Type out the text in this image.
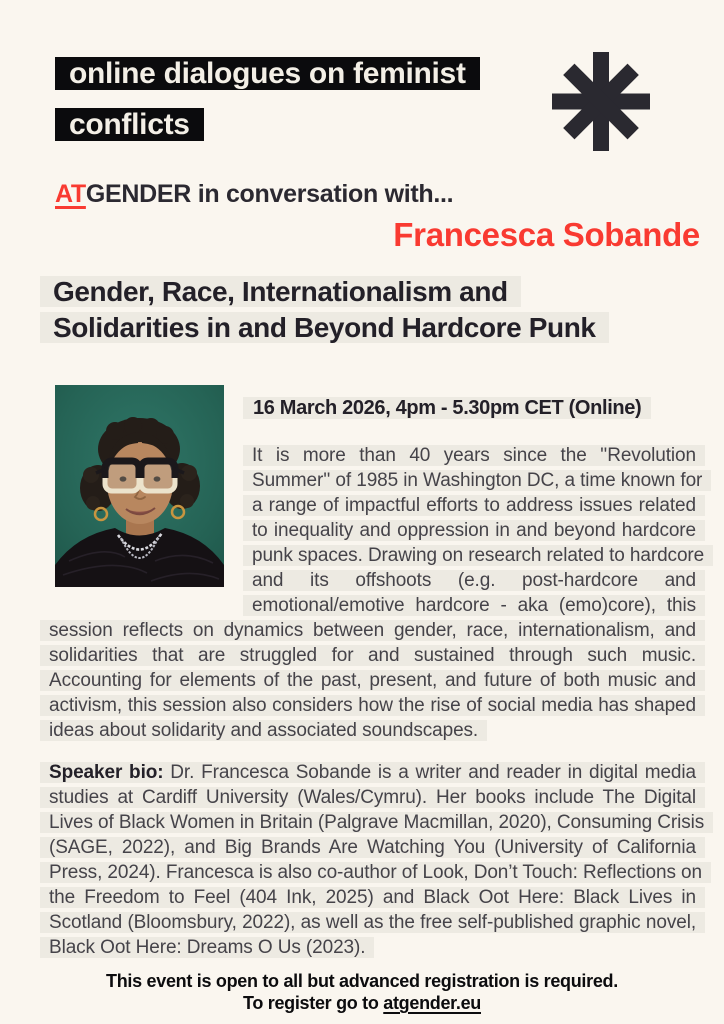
online dialogues on feminist
conflicts
ATGENDER in conversation with...
Francesca Sobande
Gender, Race, Internationalism and
Solidarities in and Beyond Hardcore Punk
16 March 2026, 4pm - 5.30pm CET (Online)

It is more than 40 years since the ''Revolution Summer'' of 1985 in Washington DC, a time known for a range of impactful efforts to address issues related to inequality and oppression in and beyond hardcore punk spaces. Drawing on research related to hardcore and its offshoots (e.g. post-hardcore and emotional/emotive hardcore - aka (emo)core), this session reflects on dynamics between gender, race, internationalism, and solidarities that are struggled for and sustained through such music. Accounting for elements of the past, present, and future of both music and activism, this session also considers how the rise of social media has shaped ideas about solidarity and associated soundscapes.

Speaker bio: Dr. Francesca Sobande is a writer and reader in digital media studies at Cardiff University (Wales/Cymru). Her books include The Digital Lives of Black Women in Britain (Palgrave Macmillan, 2020), Consuming Crisis (SAGE, 2022), and Big Brands Are Watching You (University of California Press, 2024). Francesca is also co-author of Look, Don’t Touch: Reflections on the Freedom to Feel (404 Ink, 2025) and Black Oot Here: Black Lives in Scotland (Bloomsbury, 2022), as well as the free self-published graphic novel, Black Oot Here: Dreams O Us (2023).

This event is open to all but advanced registration is required.
To register go to atgender.eu
